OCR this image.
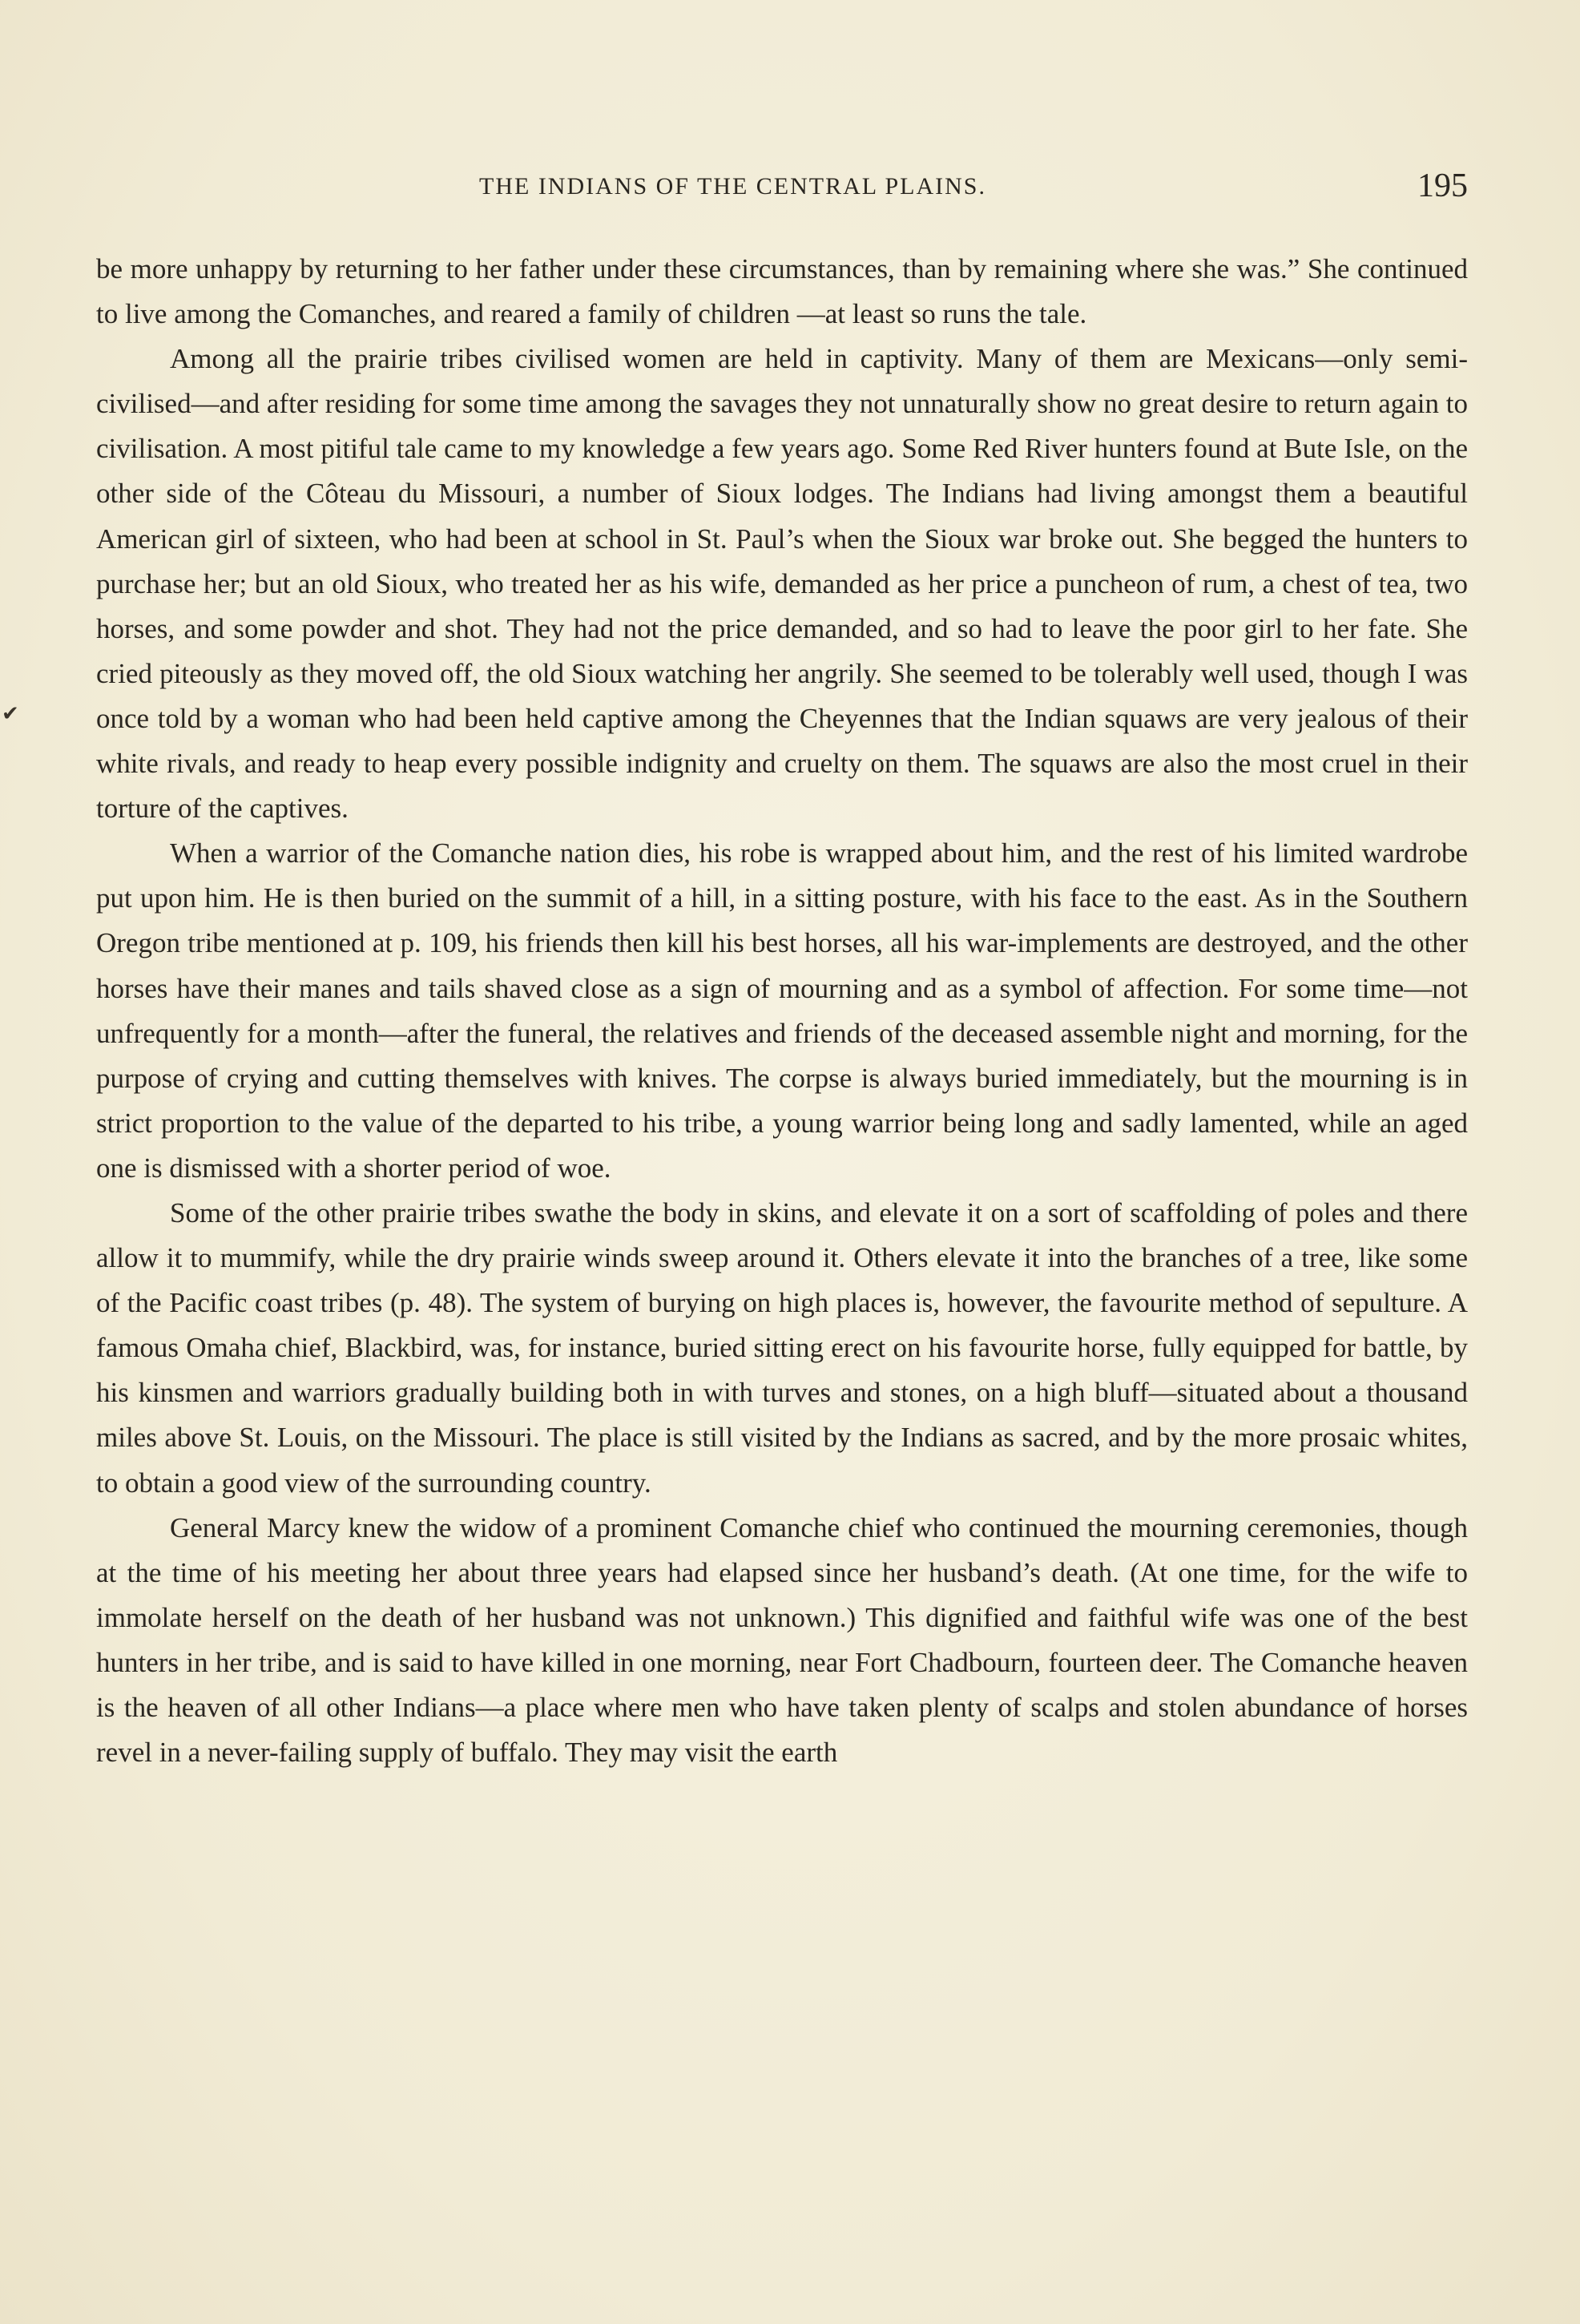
THE INDIANS OF THE CENTRAL PLAINS.	195
✔

be more unhappy by returning to her father under these circumstances, than by remaining where she was.” She continued to live among the Comanches, and reared a family of children —at least so runs the tale.

Among all the prairie tribes civilised women are held in captivity. Many of them are Mexicans—only semi-civilised—and after residing for some time among the savages they not unnaturally show no great desire to return again to civilisation. A most pitiful tale came to my knowledge a few years ago. Some Red River hunters found at Bute Isle, on the other side of the Côteau du Missouri, a number of Sioux lodges. The Indians had living amongst them a beautiful American girl of sixteen, who had been at school in St. Paul’s when the Sioux war broke out. She begged the hunters to purchase her; but an old Sioux, who treated her as his wife, demanded as her price a puncheon of rum, a chest of tea, two horses, and some powder and shot. They had not the price demanded, and so had to leave the poor girl to her fate. She cried piteously as they moved off, the old Sioux watching her angrily. She seemed to be tolerably well used, though I was once told by a woman who had been held captive among the Cheyennes that the Indian squaws are very jealous of their white rivals, and ready to heap every possible indignity and cruelty on them. The squaws are also the most cruel in their torture of the captives.

When a warrior of the Comanche nation dies, his robe is wrapped about him, and the rest of his limited wardrobe put upon him. He is then buried on the summit of a hill, in a sitting posture, with his face to the east. As in the Southern Oregon tribe mentioned at p. 109, his friends then kill his best horses, all his war-implements are destroyed, and the other horses have their manes and tails shaved close as a sign of mourning and as a symbol of affection. For some time—not unfrequently for a month—after the funeral, the relatives and friends of the deceased assemble night and morning, for the purpose of crying and cutting themselves with knives. The corpse is always buried immediately, but the mourning is in strict proportion to the value of the departed to his tribe, a young warrior being long and sadly lamented, while an aged one is dismissed with a shorter period of woe.

Some of the other prairie tribes swathe the body in skins, and elevate it on a sort of scaffolding of poles and there allow it to mummify, while the dry prairie winds sweep around it. Others elevate it into the branches of a tree, like some of the Pacific coast tribes (p. 48). The system of burying on high places is, however, the favourite method of sepulture. A famous Omaha chief, Blackbird, was, for instance, buried sitting erect on his favourite horse, fully equipped for battle, by his kinsmen and warriors gradually building both in with turves and stones, on a high bluff—situated about a thousand miles above St. Louis, on the Missouri. The place is still visited by the Indians as sacred, and by the more prosaic whites, to obtain a good view of the surrounding country.

General Marcy knew the widow of a prominent Comanche chief who continued the mourning ceremonies, though at the time of his meeting her about three years had elapsed since her husband’s death. (At one time, for the wife to immolate herself on the death of her husband was not unknown.) This dignified and faithful wife was one of the best hunters in her tribe, and is said to have killed in one morning, near Fort Chadbourn, fourteen deer. The Comanche heaven is the heaven of all other Indians—a place where men who have taken plenty of scalps and stolen abundance of horses revel in a never-failing supply of buffalo. They may visit the earth
